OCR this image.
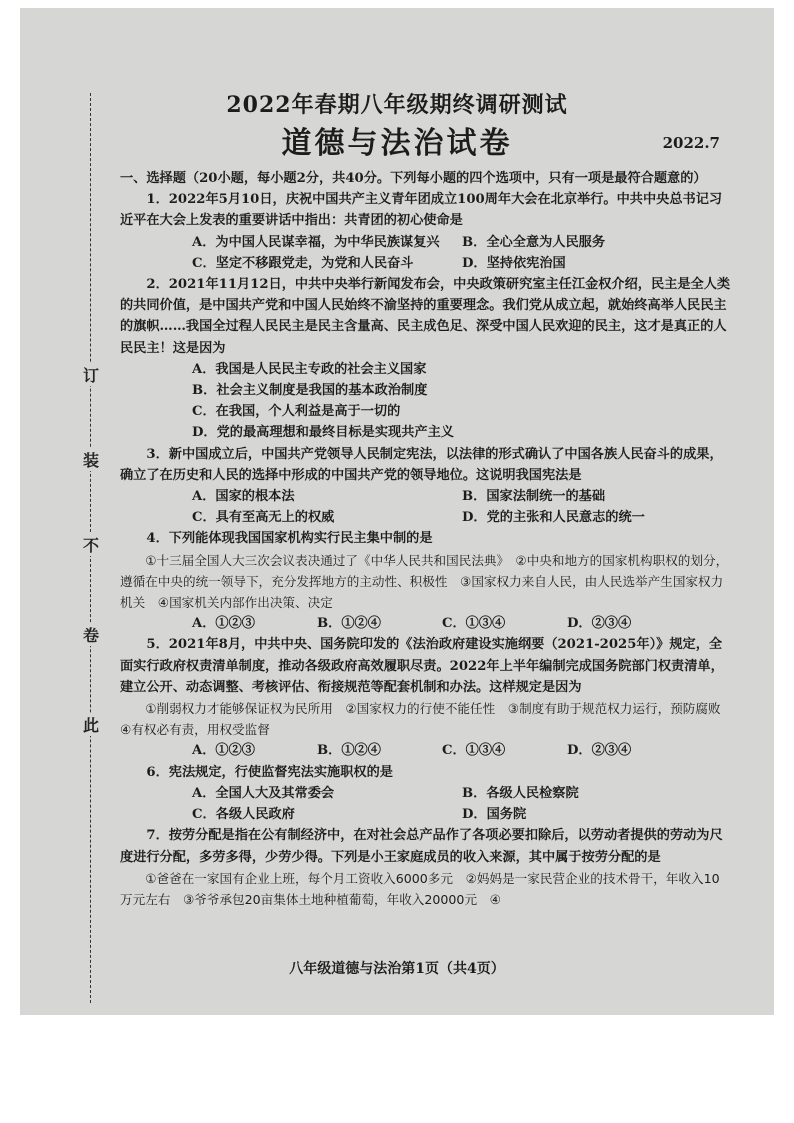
订
装
不
卷
此
2022年春期八年级期终调研测试
道德与法治试卷	2022.7

一、选择题（20小题，每小题2分，共40分。下列每小题的四个选项中，只有一项是最符合题意的）

1．2022年5月10日，庆祝中国共产主义青年团成立100周年大会在北京举行。中共中央总书记习近平在大会上发表的重要讲话中指出：共青团的初心使命是

A．为中国人民谋幸福，为中华民族谋复兴	B．全心全意为人民服务
C．坚定不移跟党走，为党和人民奋斗	D．坚持依宪治国

2．2021年11月12日，中共中央举行新闻发布会，中央政策研究室主任江金权介绍，民主是全人类的共同价值，是中国共产党和中国人民始终不渝坚持的重要理念。我们党从成立起，就始终高举人民民主的旗帜……我国全过程人民民主是民主含量高、民主成色足、深受中国人民欢迎的民主，这才是真正的人民民主！这是因为

A．我国是人民民主专政的社会主义国家
B．社会主义制度是我国的基本政治制度
C．在我国，个人利益是高于一切的
D．党的最高理想和最终目标是实现共产主义

3．新中国成立后，中国共产党领导人民制定宪法，以法律的形式确认了中国各族人民奋斗的成果，确立了在历史和人民的选择中形成的中国共产党的领导地位。这说明我国宪法是

A．国家的根本法	B．国家法制统一的基础
C．具有至高无上的权威	D．党的主张和人民意志的统一

4．下列能体现我国国家机构实行民主集中制的是

①十三届全国人大三次会议表决通过了《中华人民共和国民法典》　②中央和地方的国家机构职权的划分，遵循在中央的统一领导下，充分发挥地方的主动性、积极性　③国家权力来自人民，由人民选举产生国家权力机关　④国家机关内部作出决策、决定

A．①②③	B．①②④	C．①③④	D．②③④

5．2021年8月，中共中央、国务院印发的《法治政府建设实施纲要（2021-2025年）》规定，全面实行政府权责清单制度，推动各级政府高效履职尽责。2022年上半年编制完成国务院部门权责清单，建立公开、动态调整、考核评估、衔接规范等配套机制和办法。这样规定是因为

①削弱权力才能够保证权为民所用　②国家权力的行使不能任性　③制度有助于规范权力运行，预防腐败　④有权必有责，用权受监督

A．①②③	B．①②④	C．①③④	D．②③④

6．宪法规定，行使监督宪法实施职权的是

A．全国人大及其常委会	B．各级人民检察院
C．各级人民政府	D．国务院

7．按劳分配是指在公有制经济中，在对社会总产品作了各项必要扣除后，以劳动者提供的劳动为尺度进行分配，多劳多得，少劳少得。下列是小王家庭成员的收入来源，其中属于按劳分配的是

①爸爸在一家国有企业上班，每个月工资收入6000多元　②妈妈是一家民营企业的技术骨干，年收入10万元左右　③爷爷承包20亩集体土地种植葡萄，年收入20000元　④

八年级道德与法治第1页（共4页）
